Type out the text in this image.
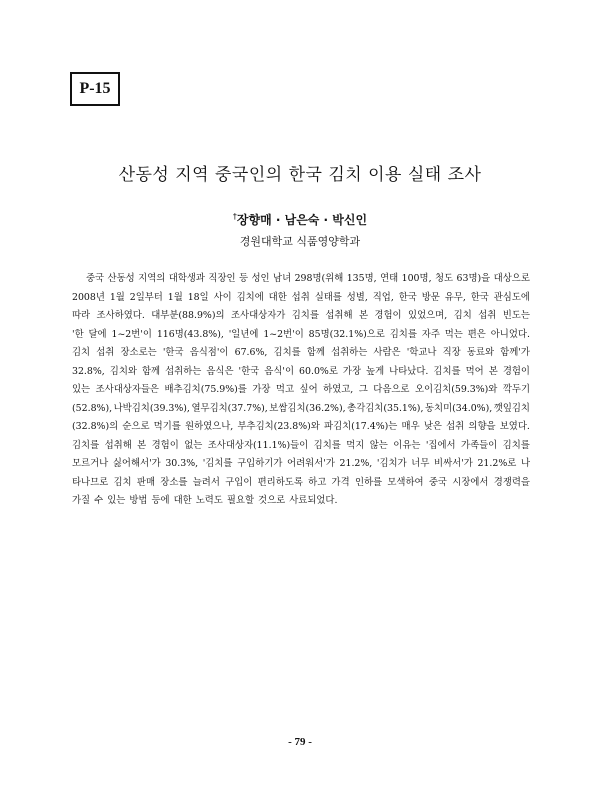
P-15
산동성 지역 중국인의 한국 김치 이용 실태 조사
†장향매 · 남은숙 · 박신인
경원대학교 식품영양학과
중국 산동성 지역의 대학생과 직장인 등 성인 남녀 298명(위해 135명, 연태 100명, 청도 63명)을 대상으로
2008년 1월 2일부터 1월 18일 사이 김치에 대한 섭취 실태를 성별, 직업, 한국 방문 유무, 한국 관심도에
따라 조사하였다. 대부분(88.9%)의 조사대상자가 김치를 섭취해 본 경험이 있었으며, 김치 섭취 빈도는
'한 달에 1~2번'이 116명(43.8%), '일년에 1~2번'이 85명(32.1%)으로 김치를 자주 먹는 편은 아니었다.
김치 섭취 장소로는 '한국 음식점'이 67.6%, 김치를 함께 섭취하는 사람은 '학교나 직장 동료와 함께'가
32.8%, 김치와 함께 섭취하는 음식은 '한국 음식'이 60.0%로 가장 높게 나타났다. 김치를 먹어 본 경험이
있는 조사대상자들은 배추김치(75.9%)를 가장 먹고 싶어 하였고, 그 다음으로 오이김치(59.3%)와 깍두기
(52.8%), 나박김치(39.3%), 열무김치(37.7%), 보쌈김치(36.2%), 총각김치(35.1%), 동치미(34.0%), 깻잎김치
(32.8%)의 순으로 먹기를 원하였으나, 부추김치(23.8%)와 파김치(17.4%)는 매우 낮은 섭취 의향을 보였다.
김치를 섭취해 본 경험이 없는 조사대상자(11.1%)들이 김치를 먹지 않는 이유는 '집에서 가족들이 김치를
모르거나 싫어해서'가 30.3%, '김치를 구입하기가 어려워서'가 21.2%, '김치가 너무 비싸서'가 21.2%로 나
타나므로 김치 판매 장소를 늘려서 구입이 편리하도록 하고 가격 인하를 모색하여 중국 시장에서 경쟁력을
가질 수 있는 방법 등에 대한 노력도 필요할 것으로 사료되었다.
- 79 -
